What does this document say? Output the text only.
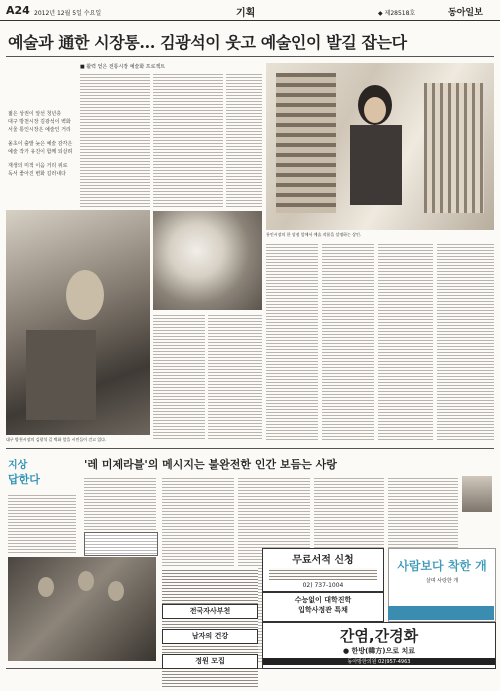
A24 2012년 12월 5일 수요일	기획	◆ 제28518호	동아일보
예술과 通한 시장통… 김광석이 웃고 예술인이 발길 잡는다
대구 방천시장의 김광석 길 벽화 앞을 시민들이 걷고 있다.
젊은 상권이 앞선 청년층
대구 방천시장 김광석이 벽화
서울 통인시장은 예술인 거리
올초이 출발 늦은 예술 감각은
예술 작가 유진이 함께 되살려
재생의 미적 이음 거리 위로
독서 좋아진 변화 길러내다
■ 활력 얻은 전통시장 예술화 프로젝트
통인시장의 한 상점 앞에서 예술 작품을 설명하는 상인.
지상
답한다
'레 미제라블'의 메시지는 불완전한 인간 보듬는 사랑
전국자사부천
남자의 건강
정원 모집
무료서적 신청
02) 737-1004
수능없이 대학진학
입학사정관 특채
간염,간경화
● 한방(韓方)으로 치료
동아방한의원 02)957-4963
사람보다 착한 개
살며 사랑한 개
